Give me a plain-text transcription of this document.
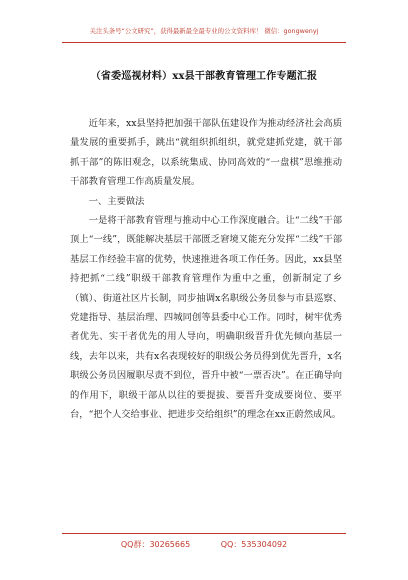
关注头条号“公文研究”，获得最新最全最专业的公文资料库！ 微信：gongwenyj
（省委巡视材料）xx县干部教育管理工作专题汇报

近年来，xx县坚持把加强干部队伍建设作为推动经济社会高质量发展的重要抓手，跳出“就组织抓组织，就党建抓党建，就干部抓干部”的陈旧观念，以系统集成、协同高效的“一盘棋”思维推动干部教育管理工作高质量发展。

一、主要做法

一是将干部教育管理与推动中心工作深度融合。让“二线”干部顶上“一线”，既能解决基层干部匮乏窘境又能充分发挥“二线”干部基层工作经验丰富的优势，快速推进各项工作任务。因此，xx县坚持把抓“二线”职级干部教育管理作为重中之重，创新制定了乡（镇）、街道社区片长制，同步抽调x名职级公务员参与市县巡察、党建指导、基层治理、四城同创等县委中心工作。同时，树牢优秀者优先、实干者优先的用人导向，明确职级晋升优先倾向基层一线，去年以来，共有x名表现较好的职级公务员得到优先晋升，x名职级公务员因履职尽责不到位，晋升中被“一票否决”。在正确导向的作用下，职级干部从以往的要提拔、要晋升变成要岗位、要平台，“把个人交给事业、把进步交给组织”的理念在xx正蔚然成风。

QQ群：30265665	QQ：535304092
